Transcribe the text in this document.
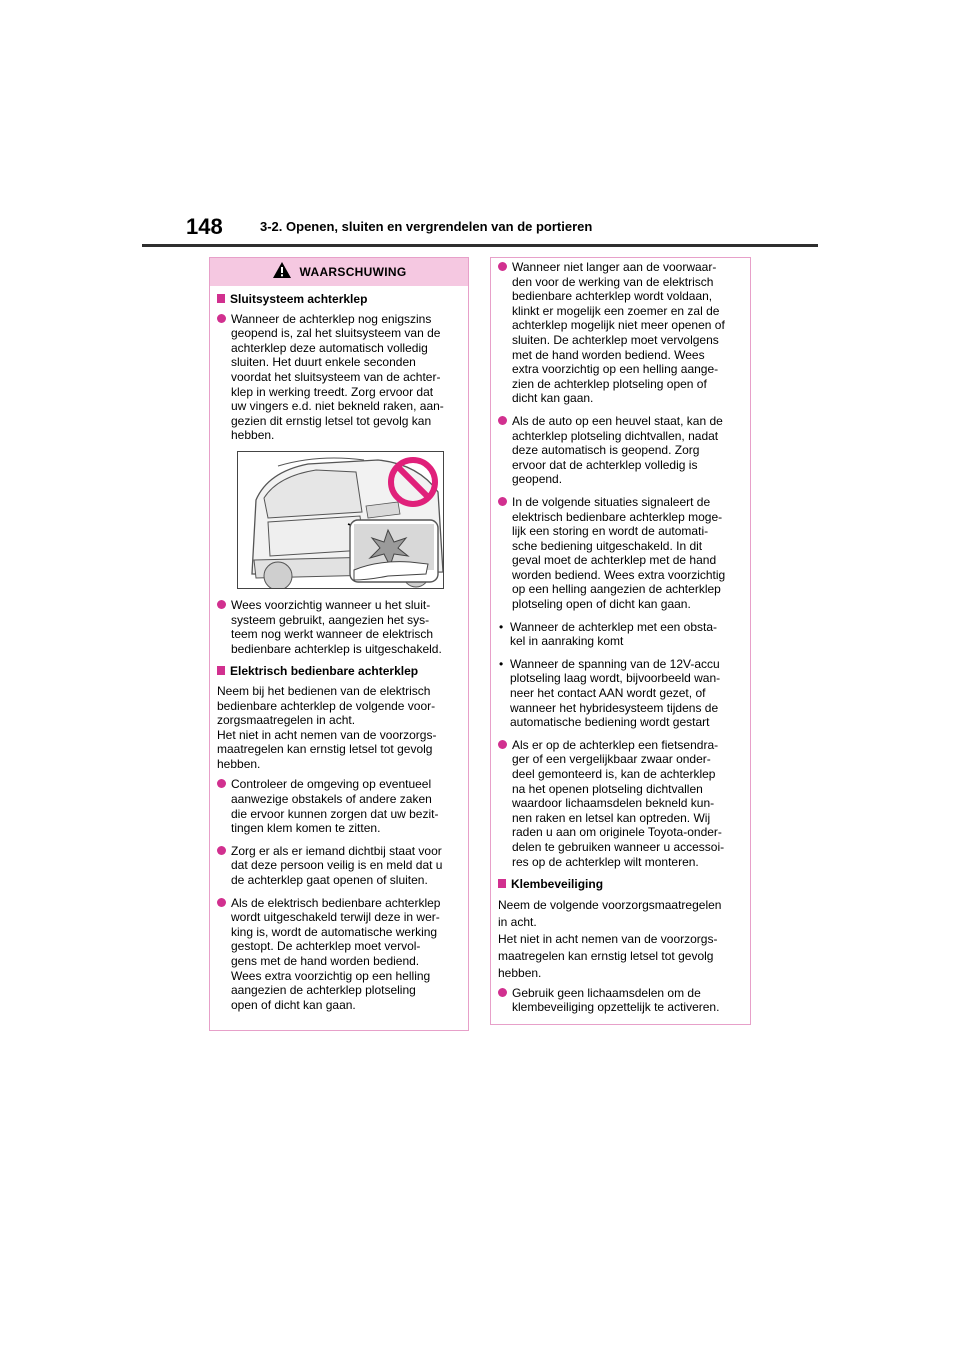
148	3-2. Openen, sluiten en vergrendelen van de portieren
WAARSCHUWING
Sluitsysteem achterklep
Wanneer de achterklep nog enigszins
geopend is, zal het sluitsysteem van de
achterklep deze automatisch volledig
sluiten. Het duurt enkele seconden
voordat het sluitsysteem van de achter-
klep in werking treedt. Zorg ervoor dat
uw vingers e.d. niet bekneld raken, aan-
gezien dit ernstig letsel tot gevolg kan
hebben.
Wees voorzichtig wanneer u het sluit-
systeem gebruikt, aangezien het sys-
teem nog werkt wanneer de elektrisch
bedienbare achterklep is uitgeschakeld.
Elektrisch bedienbare achterklep
Neem bij het bedienen van de elektrisch
bedienbare achterklep de volgende voor-
zorgsmaatregelen in acht.
Het niet in acht nemen van de voorzorgs-
maatregelen kan ernstig letsel tot gevolg
hebben.
Controleer de omgeving op eventueel
aanwezige obstakels of andere zaken
die ervoor kunnen zorgen dat uw bezit-
tingen klem komen te zitten.
Zorg er als er iemand dichtbij staat voor
dat deze persoon veilig is en meld dat u
de achterklep gaat openen of sluiten.
Als de elektrisch bedienbare achterklep
wordt uitgeschakeld terwijl deze in wer-
king is, wordt de automatische werking
gestopt. De achterklep moet vervol-
gens met de hand worden bediend.
Wees extra voorzichtig op een helling
aangezien de achterklep plotseling
open of dicht kan gaan.
Wanneer niet langer aan de voorwaar-
den voor de werking van de elektrisch
bedienbare achterklep wordt voldaan,
klinkt er mogelijk een zoemer en zal de
achterklep mogelijk niet meer openen of
sluiten. De achterklep moet vervolgens
met de hand worden bediend. Wees
extra voorzichtig op een helling aange-
zien de achterklep plotseling open of
dicht kan gaan.
Als de auto op een heuvel staat, kan de
achterklep plotseling dichtvallen, nadat
deze automatisch is geopend. Zorg
ervoor dat de achterklep volledig is
geopend.
In de volgende situaties signaleert de
elektrisch bedienbare achterklep moge-
lijk een storing en wordt de automati-
sche bediening uitgeschakeld. In dit
geval moet de achterklep met de hand
worden bediend. Wees extra voorzichtig
op een helling aangezien de achterklep
plotseling open of dicht kan gaan.
• Wanneer de achterklep met een obsta-
kel in aanraking komt
• Wanneer de spanning van de 12V-accu
plotseling laag wordt, bijvoorbeeld wan-
neer het contact AAN wordt gezet, of
wanneer het hybridesysteem tijdens de
automatische bediening wordt gestart
Als er op de achterklep een fietsendra-
ger of een vergelijkbaar zwaar onder-
deel gemonteerd is, kan de achterklep
na het openen plotseling dichtvallen
waardoor lichaamsdelen bekneld kun-
nen raken en letsel kan optreden. Wij
raden u aan om originele Toyota-onder-
delen te gebruiken wanneer u accessoi-
res op de achterklep wilt monteren.
Klembeveiliging
Neem de volgende voorzorgsmaatregelen
in acht.
Het niet in acht nemen van de voorzorgs-
maatregelen kan ernstig letsel tot gevolg
hebben.
Gebruik geen lichaamsdelen om de
klembeveiliging opzettelijk te activeren.
